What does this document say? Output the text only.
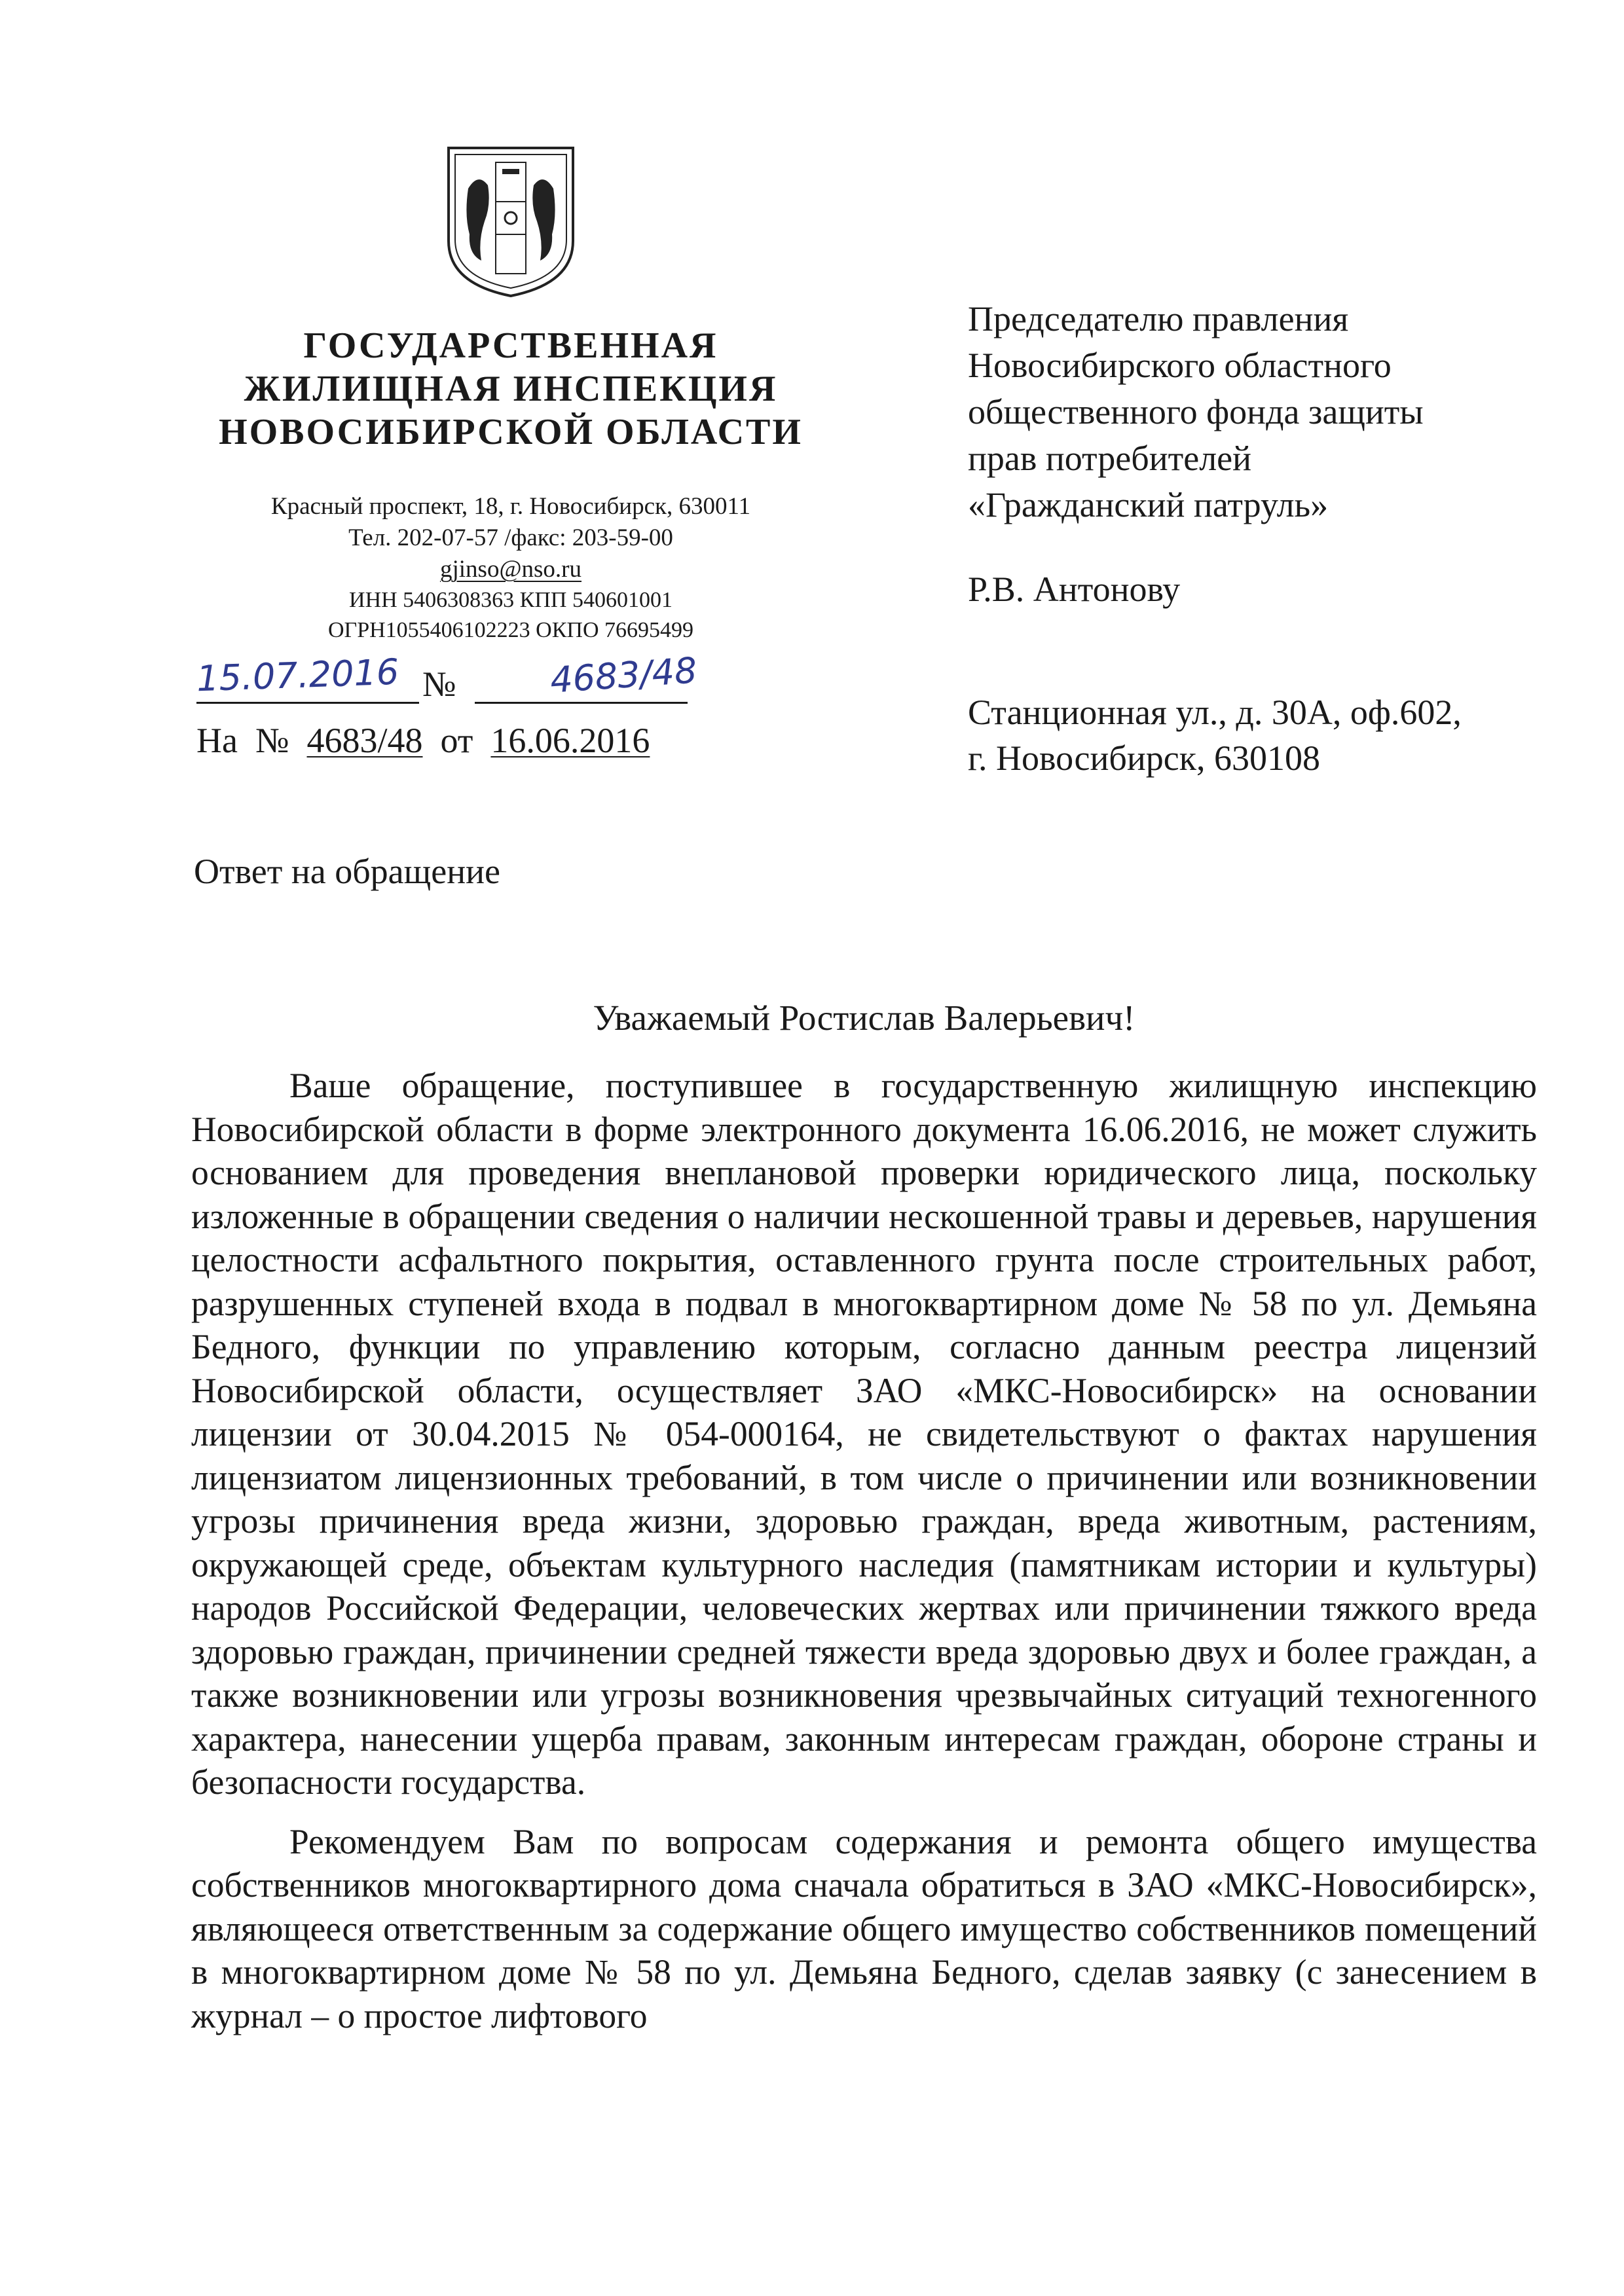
ГОСУДАРСТВЕННАЯ
ЖИЛИЩНАЯ ИНСПЕКЦИЯ
НОВОСИБИРСКОЙ ОБЛАСТИ
Красный проспект, 18, г. Новосибирск, 630011
Тел. 202-07-57 /факс: 203-59-00
gjinso@nso.ru
ИНН 5406308363 КПП 540601001
ОГРН1055406102223 ОКПО 76695499
15.07.2016 №	4683/48
На № 4683/48 от 16.06.2016
Председателю правления
Новосибирского областного
общественного фонда защиты
прав потребителей
«Гражданский патруль»
Р.В. Антонову
Станционная ул., д. 30А, оф.602,
г. Новосибирск, 630108
Ответ на обращение
Уважаемый Ростислав Валерьевич!

Ваше обращение, поступившее в государственную жилищную инспекцию Новосибирской области в форме электронного документа 16.06.2016, не может служить основанием для проведения внеплановой проверки юридического лица, поскольку изложенные в обращении сведения о наличии нескошенной травы и деревьев, нарушения целостности асфальтного покрытия, оставленного грунта после строительных работ, разрушенных ступеней входа в подвал в многоквартирном доме № 58 по ул. Демьяна Бедного, функции по управлению которым, согласно данным реестра лицензий Новосибирской области, осуществляет ЗАО «МКС-Новосибирск» на основании лицензии от 30.04.2015 № 054-000164, не свидетельствуют о фактах нарушения лицензиатом лицензионных требований, в том числе о причинении или возникновении угрозы причинения вреда жизни, здоровью граждан, вреда животным, растениям, окружающей среде, объектам культурного наследия (памятникам истории и культуры) народов Российской Федерации, человеческих жертвах или причинении тяжкого вреда здоровью граждан, причинении средней тяжести вреда здоровью двух и более граждан, а также возникновении или угрозы возникновения чрезвычайных ситуаций техногенного характера, нанесении ущерба правам, законным интересам граждан, обороне страны и безопасности государства.

Рекомендуем Вам по вопросам содержания и ремонта общего имущества собственников многоквартирного дома сначала обратиться в ЗАО «МКС-Новосибирск», являющееся ответственным за содержание общего имущество собственников помещений в многоквартирном доме № 58 по ул. Демьяна Бедного, сделав заявку (с занесением в журнал – о простое лифтового
